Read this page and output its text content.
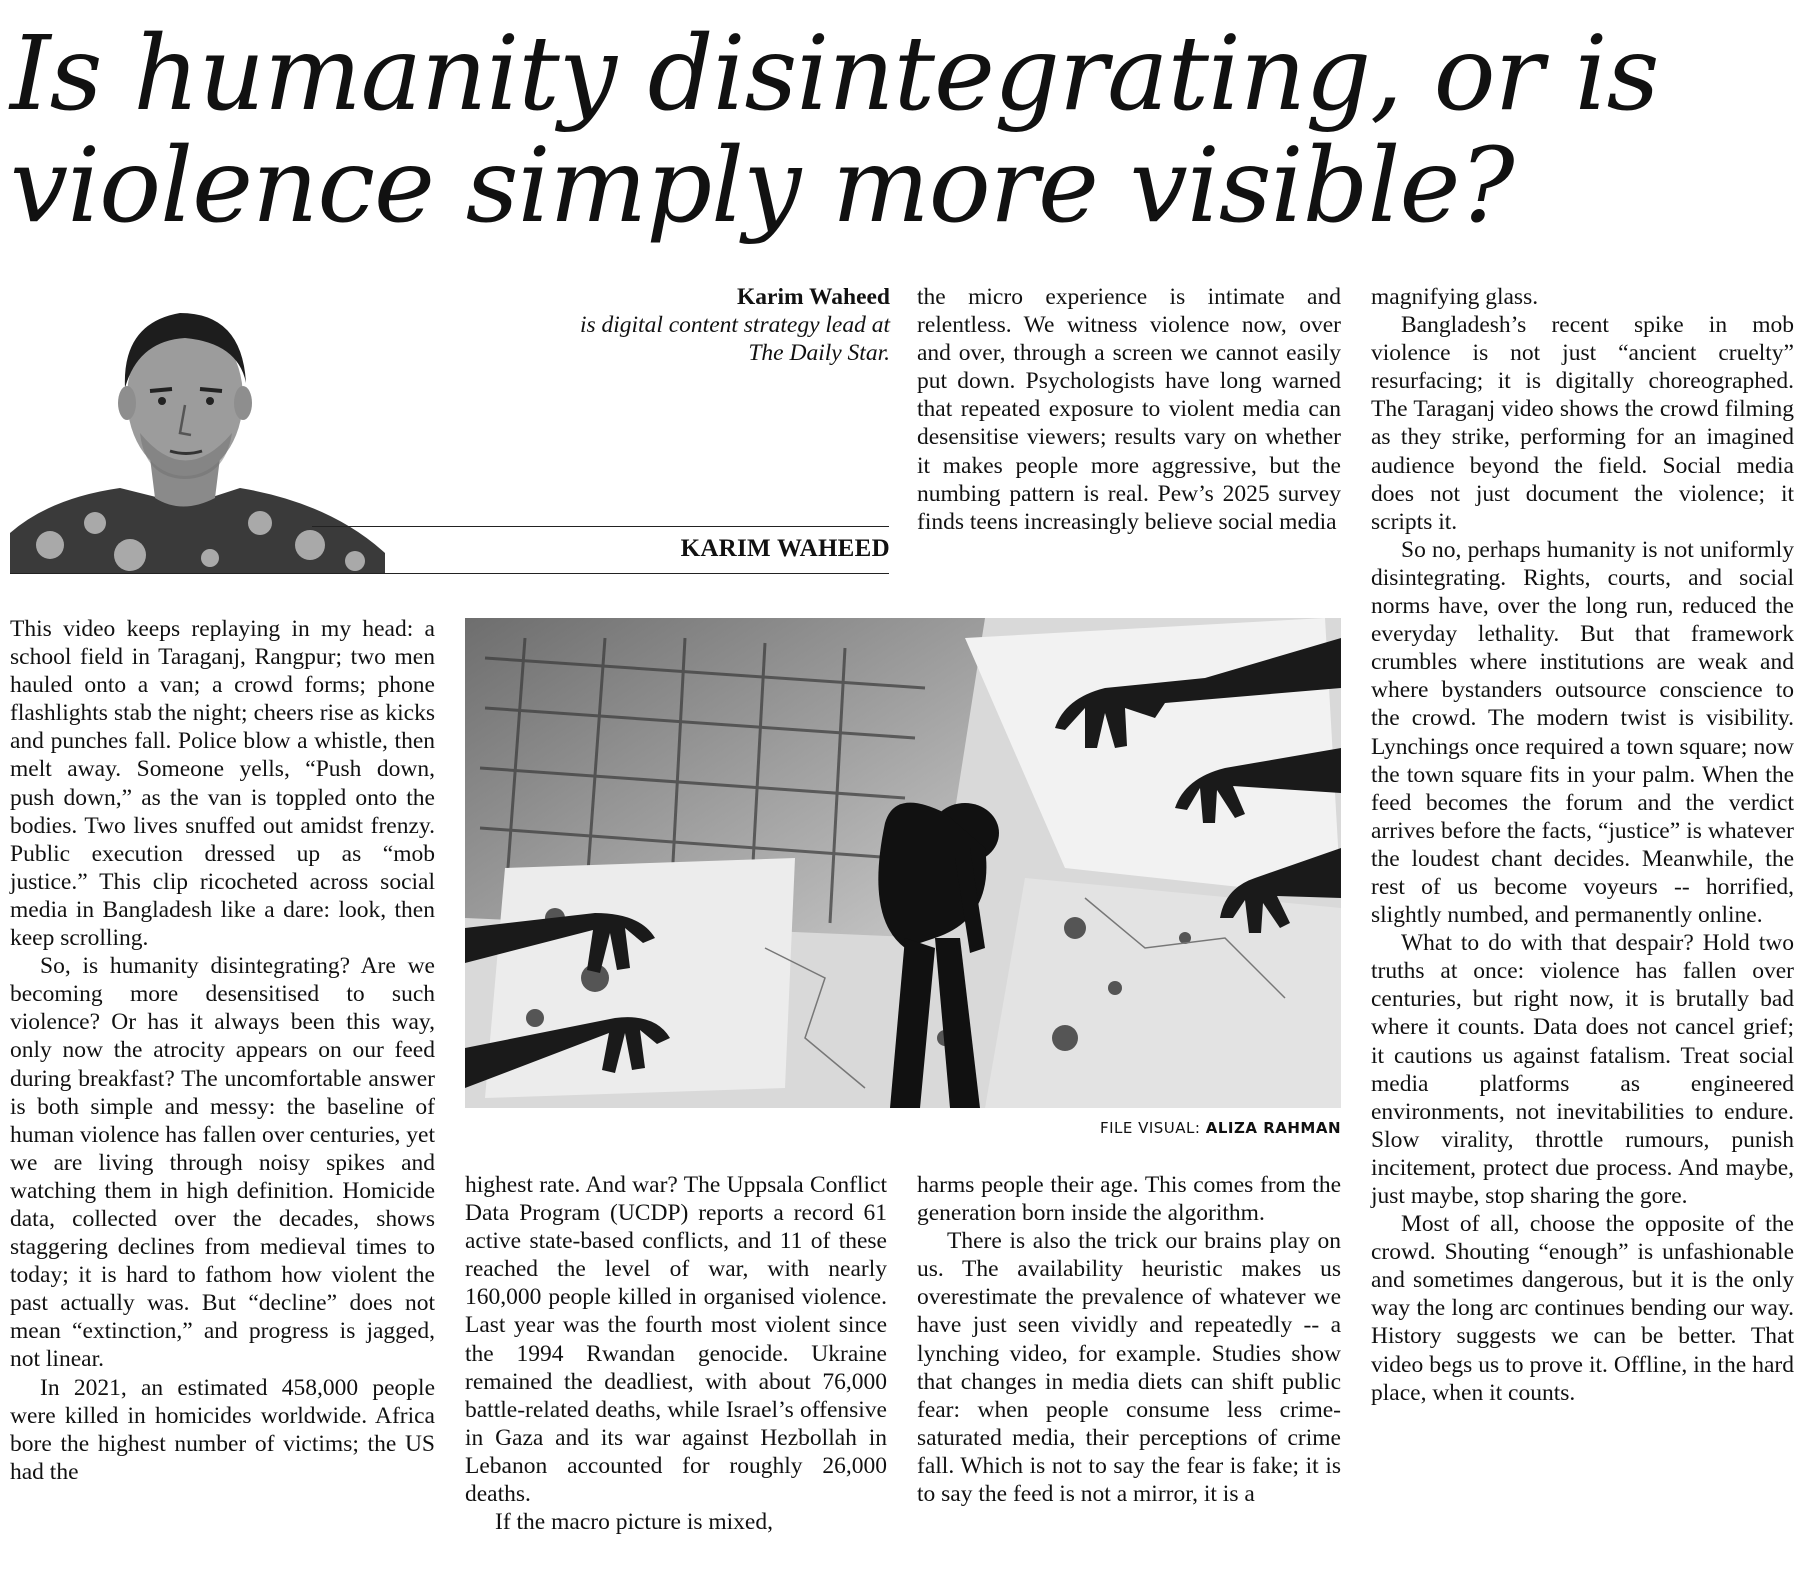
Is humanity disintegrating, or is violence simply more visible?
Karim Waheed
is digital content strategy lead at
The Daily Star.
KARIM WAHEED

This video keeps replaying in my head: a school field in Taraganj, Rangpur; two men hauled onto a van; a crowd forms; phone flashlights stab the night; cheers rise as kicks and punches fall. Police blow a whistle, then melt away. Someone yells, “Push down, push down,” as the van is toppled onto the bodies. Two lives snuffed out amidst frenzy. Public execution dressed up as “mob justice.” This clip ricocheted across social media in Bangladesh like a dare: look, then keep scrolling.

So, is humanity disintegrating? Are we becoming more desensitised to such violence? Or has it always been this way, only now the atrocity appears on our feed during breakfast? The uncomfortable answer is both simple and messy: the baseline of human violence has fallen over centuries, yet we are living through noisy spikes and watching them in high definition. Homicide data, collected over the decades, shows staggering declines from medieval times to today; it is hard to fathom how violent the past actually was. But “decline” does not mean “extinction,” and progress is jagged, not linear.

In 2021, an estimated 458,000 people were killed in homicides worldwide. Africa bore the highest number of victims; the US had the

FILE VISUAL: ALIZA RAHMAN

highest rate. And war? The Uppsala Conflict Data Program (UCDP) reports a record 61 active state-based conflicts, and 11 of these reached the level of war, with nearly 160,000 people killed in organised violence. Last year was the fourth most violent since the 1994 Rwandan genocide. Ukraine remained the deadliest, with about 76,000 battle-related deaths, while Israel’s offensive in Gaza and its war against Hezbollah in Lebanon accounted for roughly 26,000 deaths.

If the macro picture is mixed,

the micro experience is intimate and relentless. We witness violence now, over and over, through a screen we cannot easily put down. Psychologists have long warned that repeated exposure to violent media can desensitise viewers; results vary on whether it makes people more aggressive, but the numbing pattern is real. Pew’s 2025 survey finds teens increasingly believe social media

harms people their age. This comes from the generation born inside the algorithm.

There is also the trick our brains play on us. The availability heuristic makes us overestimate the prevalence of whatever we have just seen vividly and repeatedly -- a lynching video, for example. Studies show that changes in media diets can shift public fear: when people consume less crime-saturated media, their perceptions of crime fall. Which is not to say the fear is fake; it is to say the feed is not a mirror, it is a

magnifying glass.

Bangladesh’s recent spike in mob violence is not just “ancient cruelty” resurfacing; it is digitally choreographed. The Taraganj video shows the crowd filming as they strike, performing for an imagined audience beyond the field. Social media does not just document the violence; it scripts it.

So no, perhaps humanity is not uniformly disintegrating. Rights, courts, and social norms have, over the long run, reduced the everyday lethality. But that framework crumbles where institutions are weak and where bystanders outsource conscience to the crowd. The modern twist is visibility. Lynchings once required a town square; now the town square fits in your palm. When the feed becomes the forum and the verdict arrives before the facts, “justice” is whatever the loudest chant decides. Meanwhile, the rest of us become voyeurs -- horrified, slightly numbed, and permanently online.

What to do with that despair? Hold two truths at once: violence has fallen over centuries, but right now, it is brutally bad where it counts. Data does not cancel grief; it cautions us against fatalism. Treat social media platforms as engineered environments, not inevitabilities to endure. Slow virality, throttle rumours, punish incitement, protect due process. And maybe, just maybe, stop sharing the gore.

Most of all, choose the opposite of the crowd. Shouting “enough” is unfashionable and sometimes dangerous, but it is the only way the long arc continues bending our way. History suggests we can be better. That video begs us to prove it. Offline, in the hard place, when it counts.
